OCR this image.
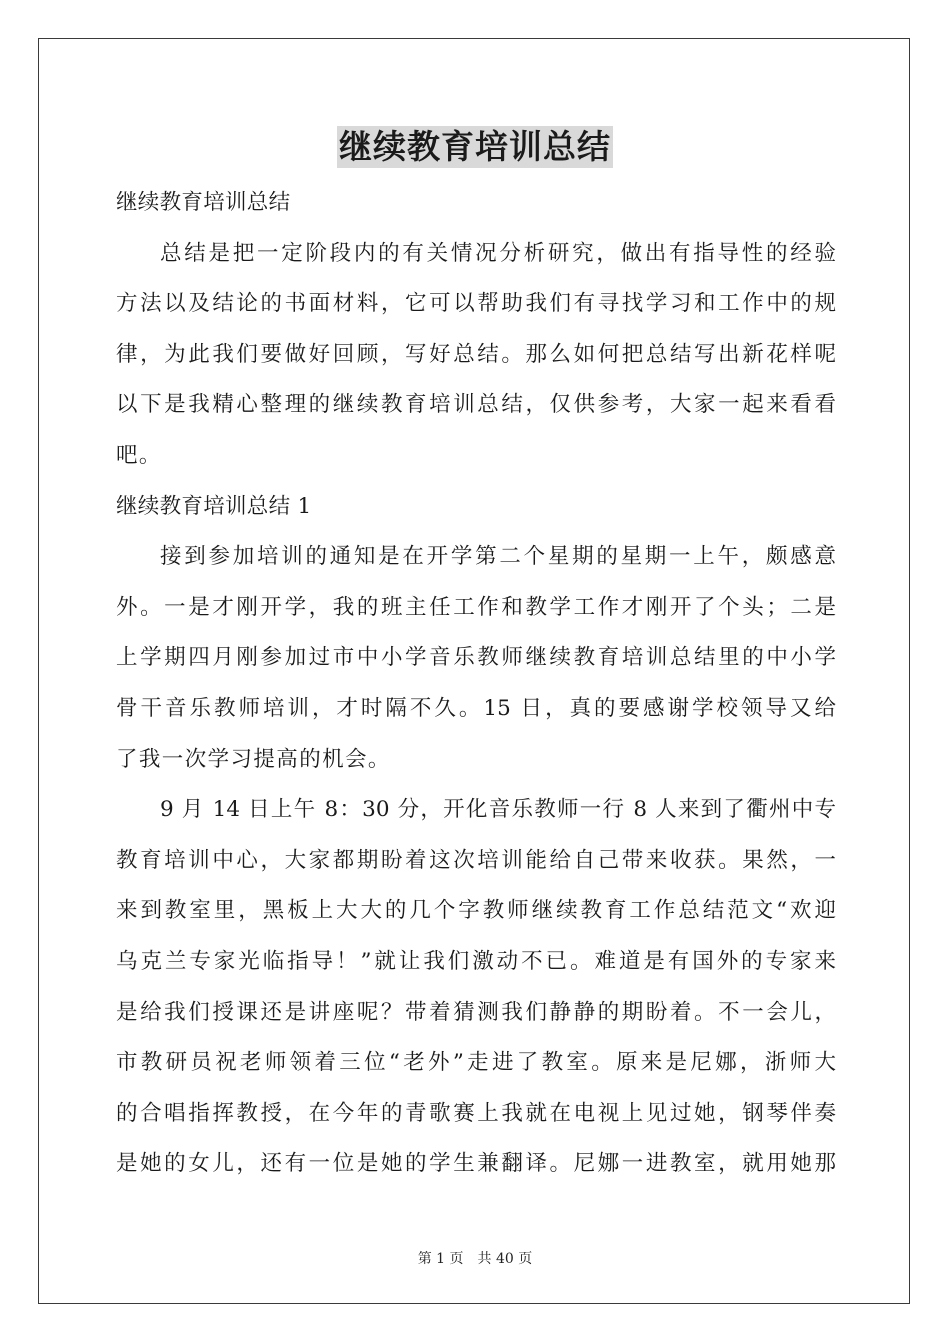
继续教育培训总结
继续教育培训总结
总结是把一定阶段内的有关情况分析研究，做出有指导性的经验
方法以及结论的书面材料，它可以帮助我们有寻找学习和工作中的规
律，为此我们要做好回顾，写好总结。那么如何把总结写出新花样呢
以下是我精心整理的继续教育培训总结，仅供参考，大家一起来看看
吧。
继续教育培训总结 1
接到参加培训的通知是在开学第二个星期的星期一上午，颇感意
外。一是才刚开学，我的班主任工作和教学工作才刚开了个头；二是
上学期四月刚参加过市中小学音乐教师继续教育培训总结里的中小学
骨干音乐教师培训，才时隔不久。15 日，真的要感谢学校领导又给
了我一次学习提高的机会。
9 月 14 日上午 8：30 分，开化音乐教师一行 8 人来到了衢州中专
教育培训中心，大家都期盼着这次培训能给自己带来收获。果然，一
来到教室里，黑板上大大的几个字教师继续教育工作总结范文“欢迎
乌克兰专家光临指导！”就让我们激动不已。难道是有国外的专家来
是给我们授课还是讲座呢？带着猜测我们静静的期盼着。不一会儿，
市教研员祝老师领着三位“老外”走进了教室。原来是尼娜，浙师大
的合唱指挥教授，在今年的青歌赛上我就在电视上见过她，钢琴伴奏
是她的女儿，还有一位是她的学生兼翻译。尼娜一进教室，就用她那
第 1 页　共 40 页
